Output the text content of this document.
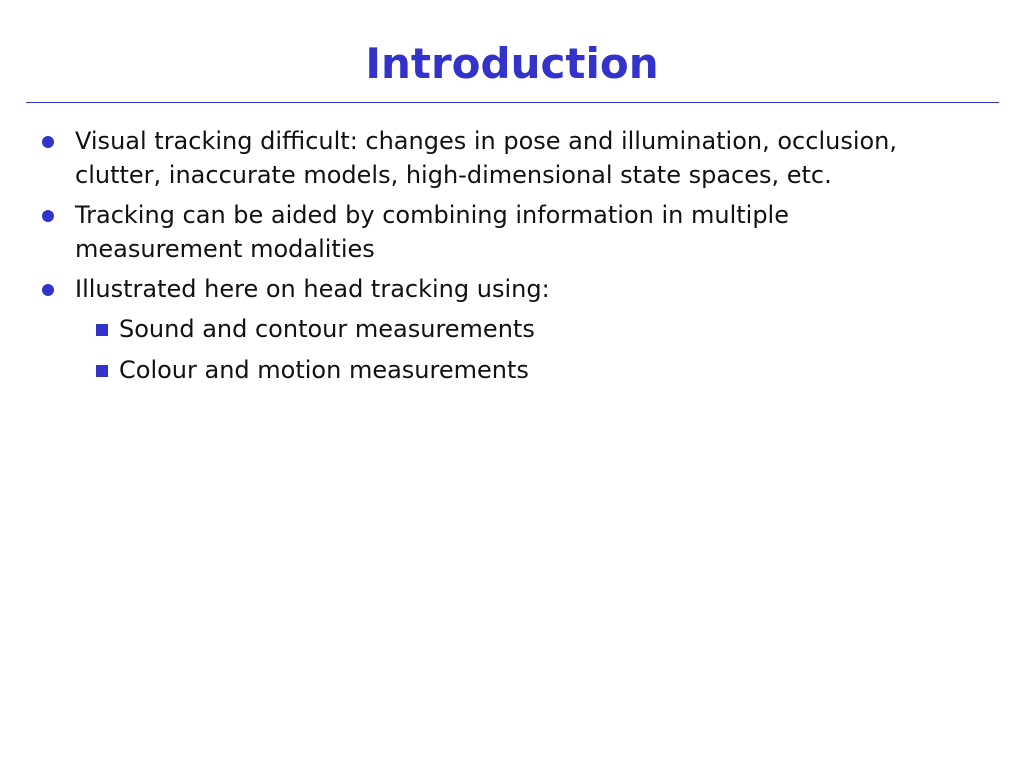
Introduction
Visual tracking difficult: changes in pose and illumination, occlusion, clutter, inaccurate models, high-dimensional state spaces, etc.
Tracking can be aided by combining information in multiple measurement modalities
Illustrated here on head tracking using:
Sound and contour measurements
Colour and motion measurements
